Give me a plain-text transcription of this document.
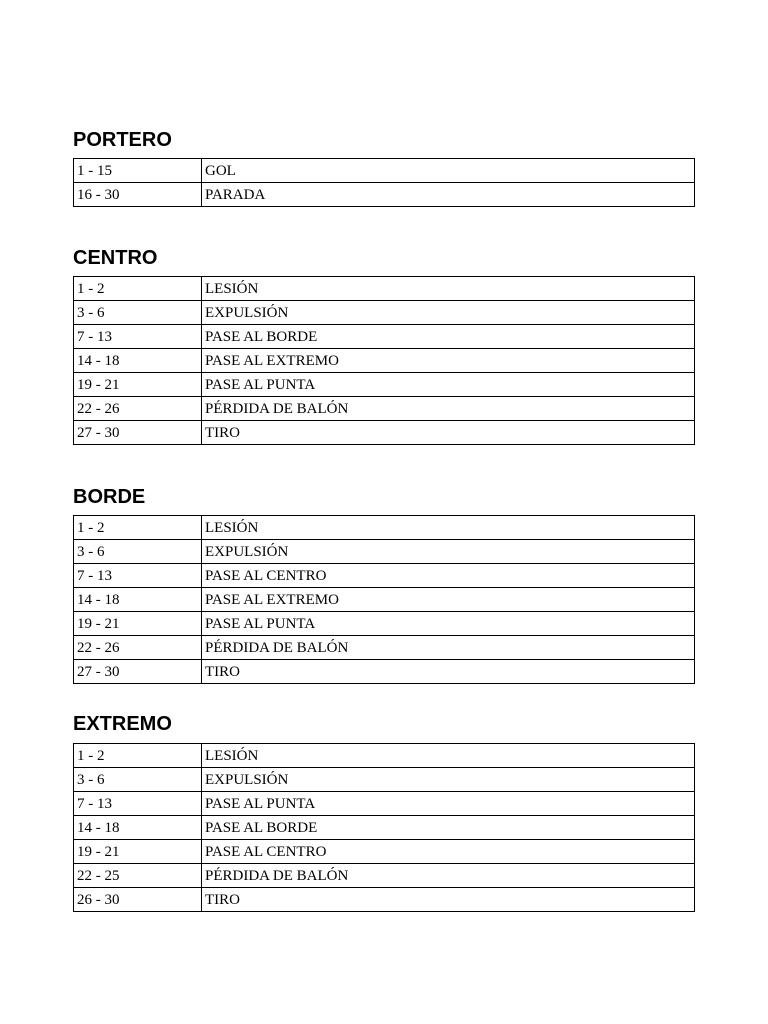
PORTERO
1 - 15	GOL
16 - 30	PARADA
CENTRO
1 - 2	LESIÓN
3 - 6	EXPULSIÓN
7 - 13	PASE AL BORDE
14 - 18	PASE AL EXTREMO
19 - 21	PASE AL PUNTA
22 - 26	PÉRDIDA DE BALÓN
27 - 30	TIRO
BORDE
1 - 2	LESIÓN
3 - 6	EXPULSIÓN
7 - 13	PASE AL CENTRO
14 - 18	PASE AL EXTREMO
19 - 21	PASE AL PUNTA
22 - 26	PÉRDIDA DE BALÓN
27 - 30	TIRO
EXTREMO
1 - 2	LESIÓN
3 - 6	EXPULSIÓN
7 - 13	PASE AL PUNTA
14 - 18	PASE AL BORDE
19 - 21	PASE AL CENTRO
22 - 25	PÉRDIDA DE BALÓN
26 - 30	TIRO
